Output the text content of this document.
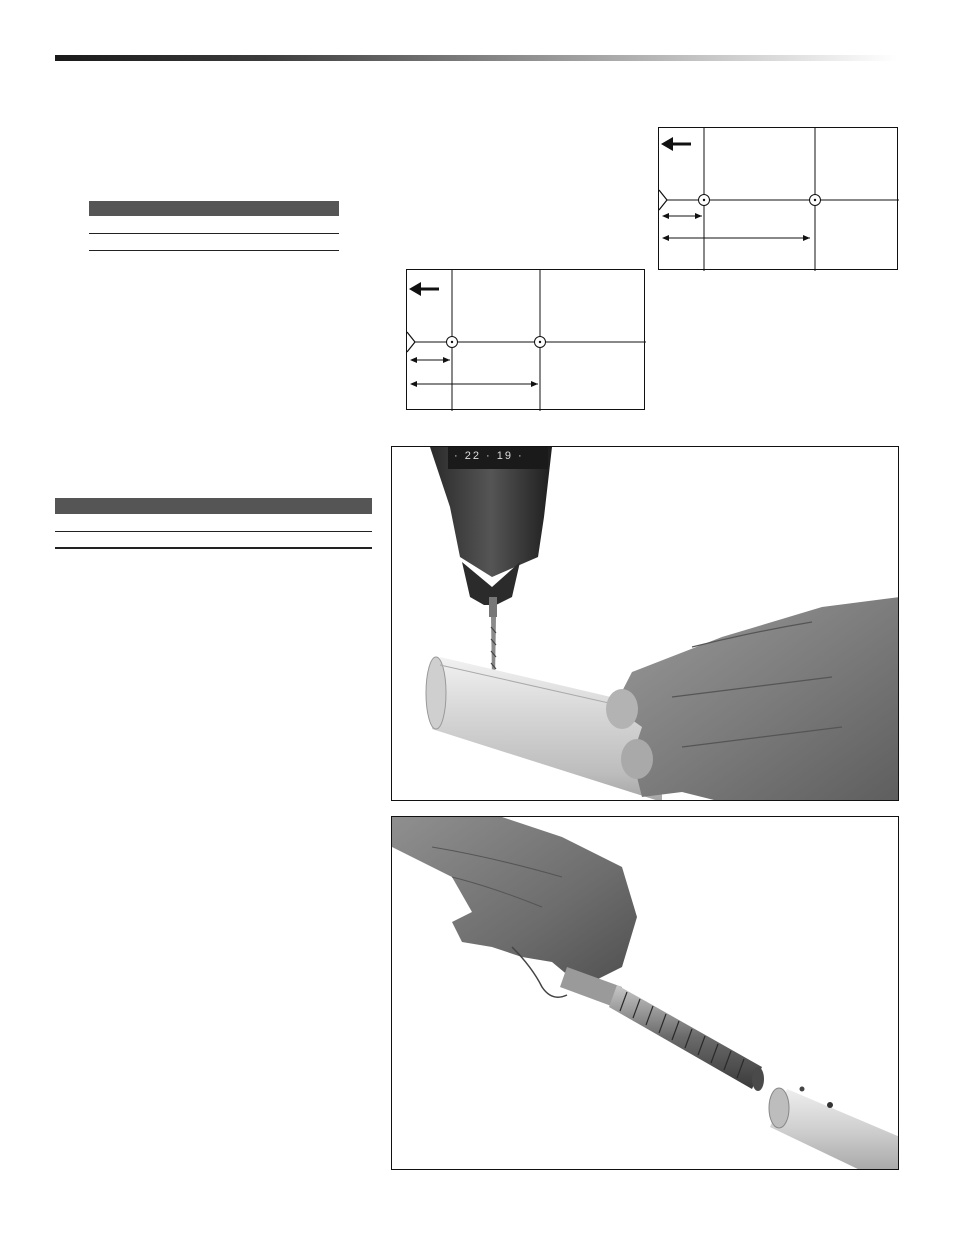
· 22 · 19 ·
